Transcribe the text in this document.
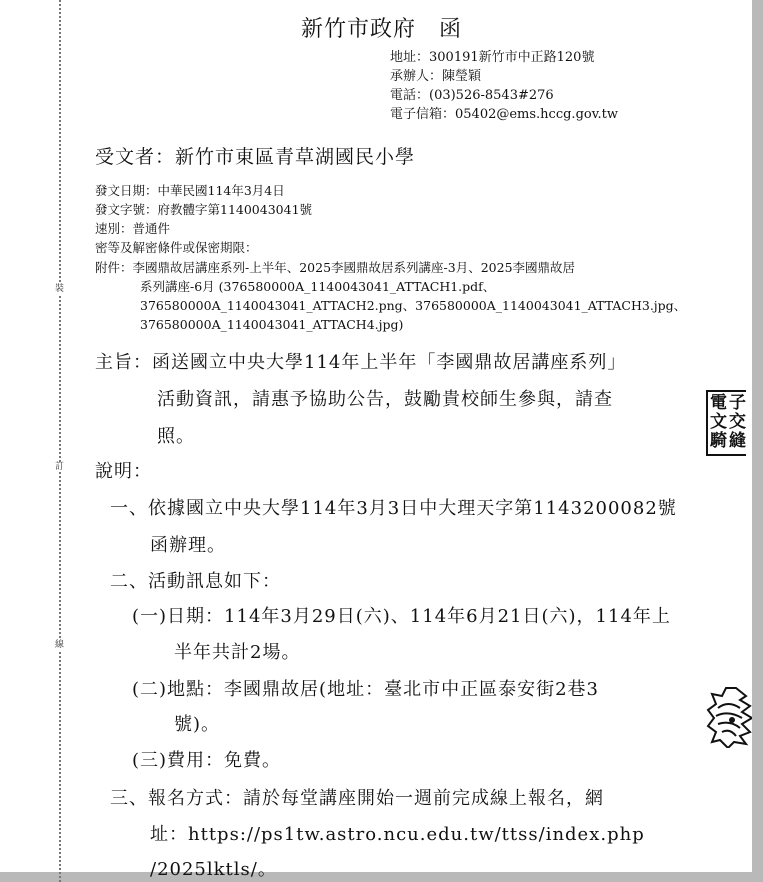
裝
訂
線
新竹市政府　函
地址：300191新竹市中正路120號
承辦人：陳瑩穎
電話：(03)526-8543#276
電子信箱：05402@ems.hccg.gov.tw
受文者：新竹市東區青草湖國民小學
發文日期：中華民國114年3月4日
發文字號：府教體字第1140043041號
速別：普通件
密等及解密條件或保密期限：
附件：李國鼎故居講座系列-上半年、2025李國鼎故居系列講座-3月、2025李國鼎故居
系列講座-6月 (376580000A_1140043041_ATTACH1.pdf、
376580000A_1140043041_ATTACH2.png、376580000A_1140043041_ATTACH3.jpg、
376580000A_1140043041_ATTACH4.jpg)
主旨：函送國立中央大學114年上半年「李國鼎故居講座系列」
活動資訊，請惠予協助公告，鼓勵貴校師生參與，請查
照。
說明：
一、依據國立中央大學114年3月3日中大理天字第1143200082號
函辦理。
二、活動訊息如下：
(一)日期：114年3月29日(六)、114年6月21日(六)，114年上
半年共計2場。
(二)地點：李國鼎故居(地址：臺北市中正區泰安街2巷3
號)。
(三)費用：免費。
三、報名方式：請於每堂講座開始一週前完成線上報名，網
址：https://ps1tw.astro.ncu.edu.tw/ttss/index.php
/2025lktls/。
電 子
文 交
騎 縫
